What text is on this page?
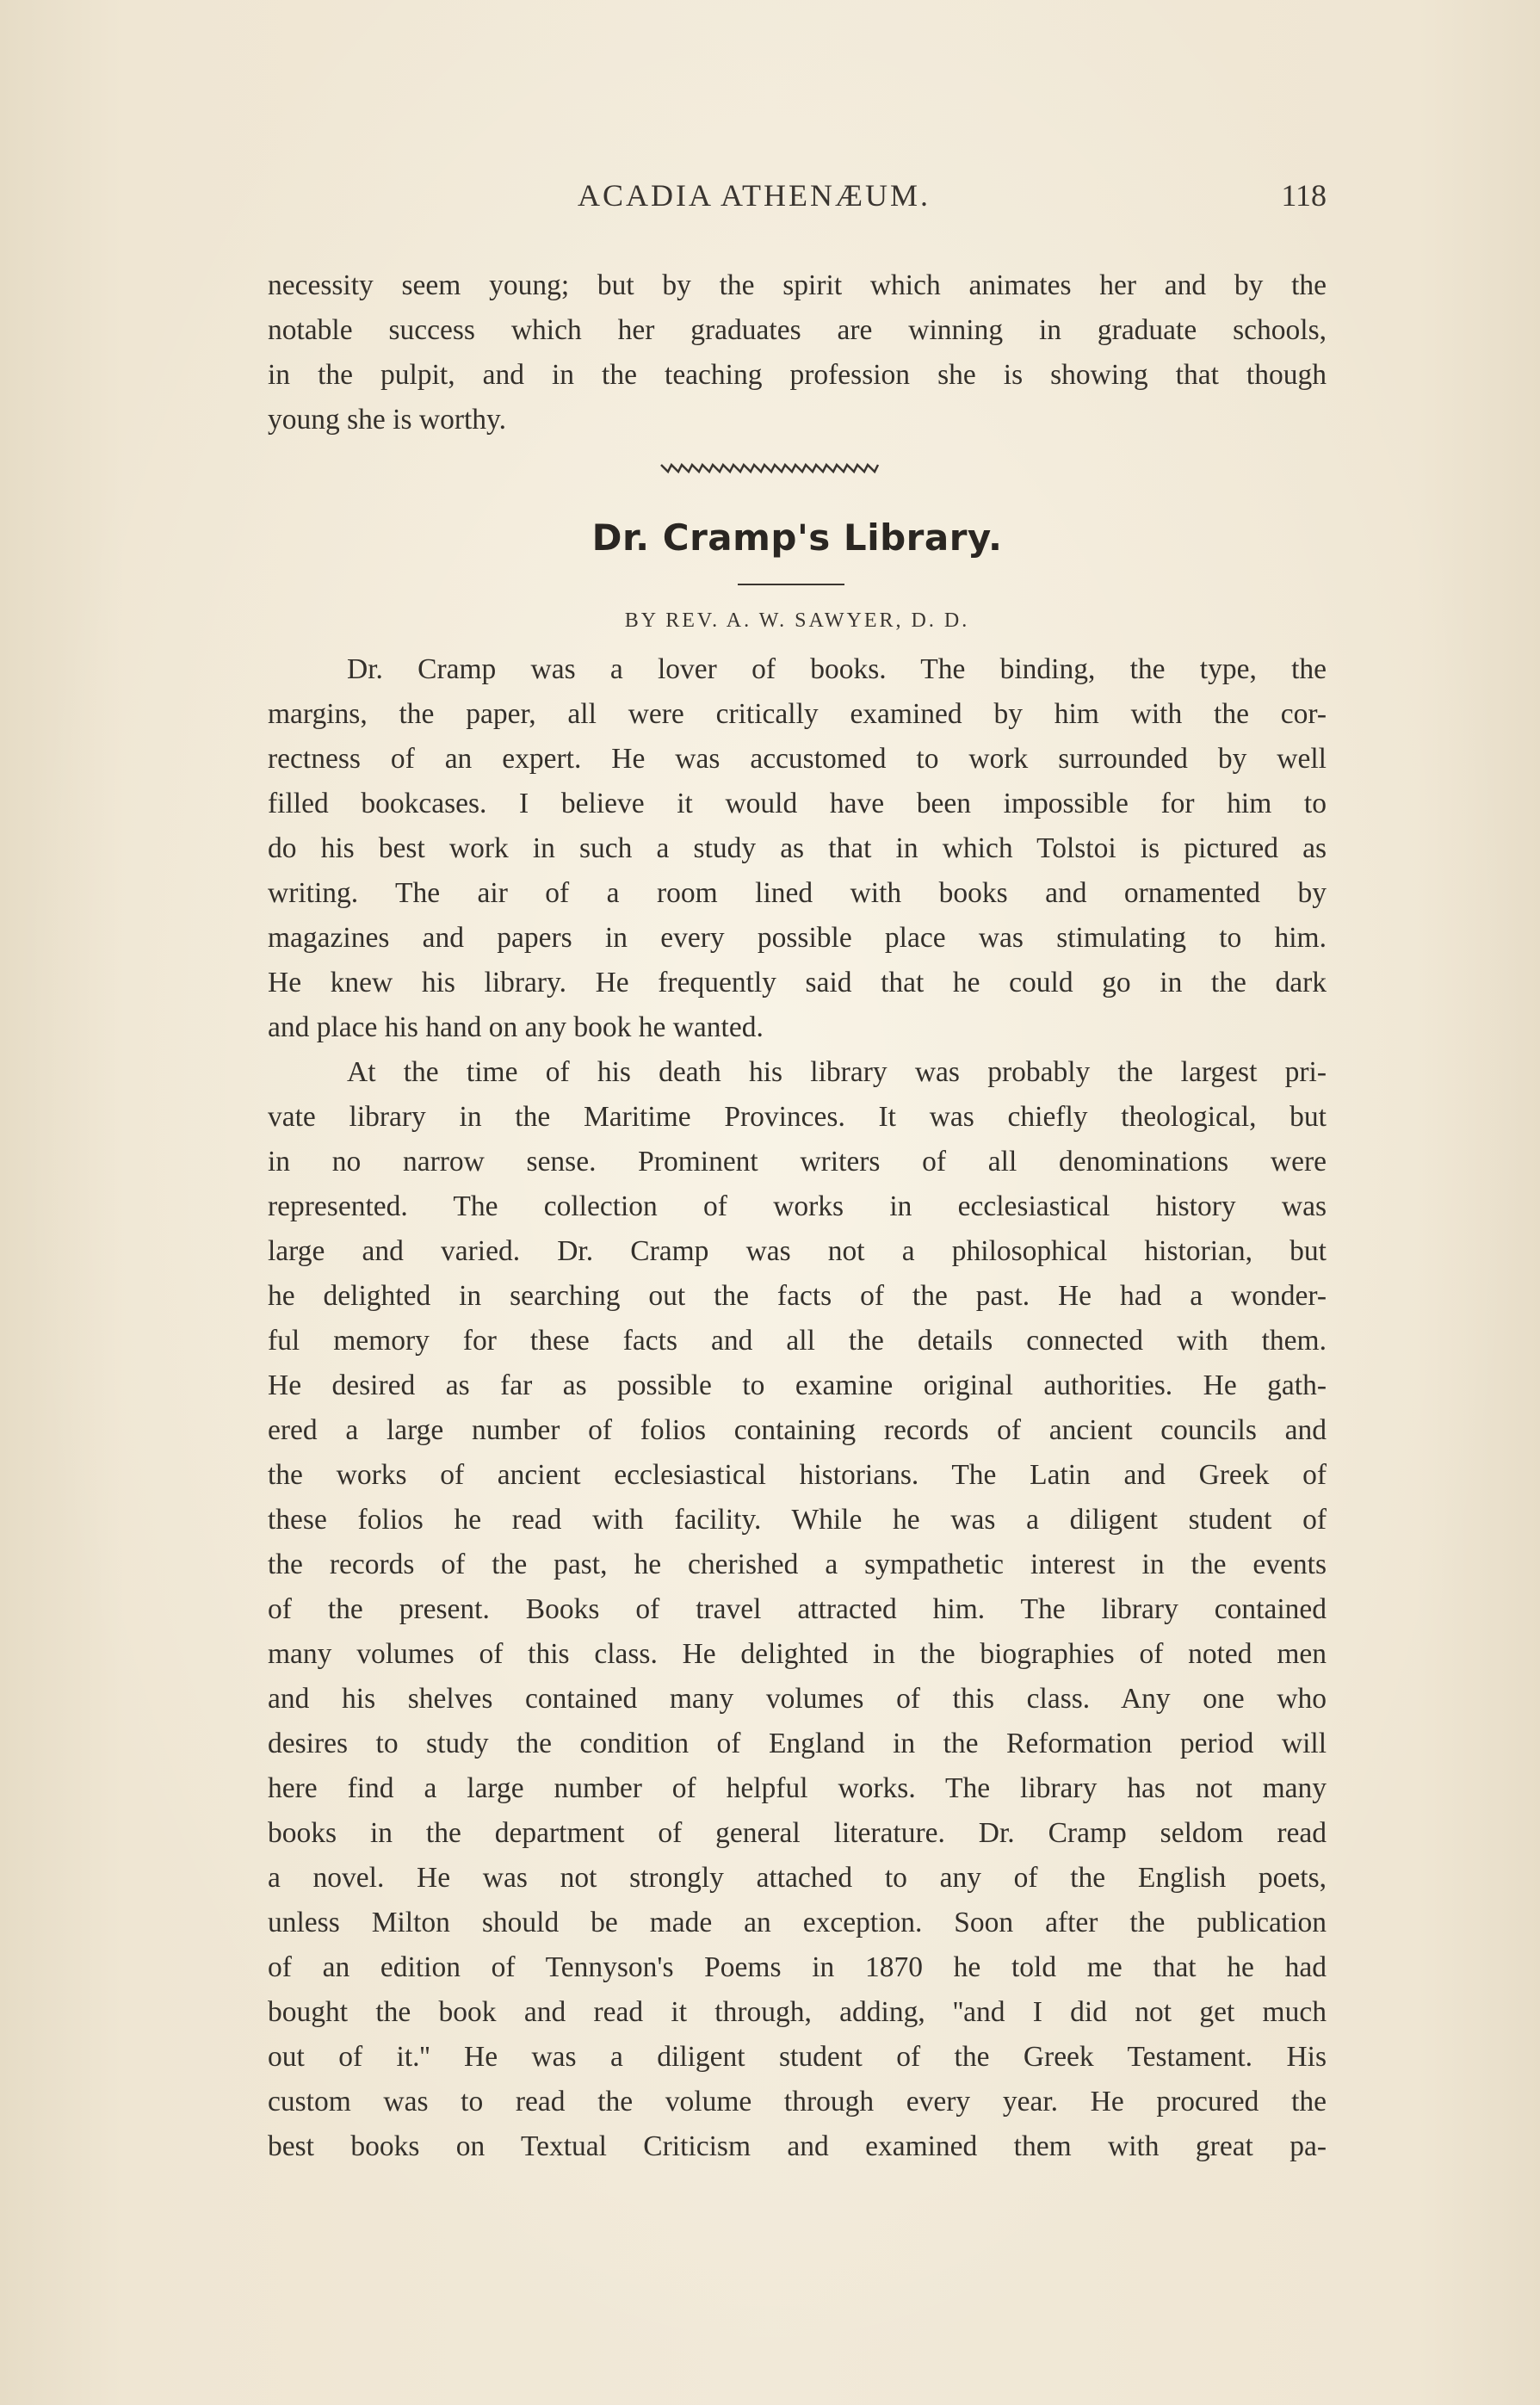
ACADIA ATHENÆUM.	118
necessity seem young; but by the spirit which animates her and by the
notable success which her graduates are winning in graduate schools,
in the pulpit, and in the teaching profession she is showing that though
young she is worthy.
Dr. Cramp's Library.
BY REV. A. W. SAWYER, D. D.
Dr. Cramp was a lover of books. The binding, the type, the
margins, the paper, all were critically examined by him with the cor-
rectness of an expert. He was accustomed to work surrounded by well
filled bookcases. I believe it would have been impossible for him to
do his best work in such a study as that in which Tolstoi is pictured as
writing. The air of a room lined with books and ornamented by
magazines and papers in every possible place was stimulating to him.
He knew his library. He frequently said that he could go in the dark
and place his hand on any book he wanted.
At the time of his death his library was probably the largest pri-
vate library in the Maritime Provinces. It was chiefly theological, but
in no narrow sense. Prominent writers of all denominations were
represented. The collection of works in ecclesiastical history was
large and varied. Dr. Cramp was not a philosophical historian, but
he delighted in searching out the facts of the past. He had a wonder-
ful memory for these facts and all the details connected with them.
He desired as far as possible to examine original authorities. He gath-
ered a large number of folios containing records of ancient councils and
the works of ancient ecclesiastical historians. The Latin and Greek of
these folios he read with facility. While he was a diligent student of
the records of the past, he cherished a sympathetic interest in the events
of the present. Books of travel attracted him. The library contained
many volumes of this class. He delighted in the biographies of noted men
and his shelves contained many volumes of this class. Any one who
desires to study the condition of England in the Reformation period will
here find a large number of helpful works. The library has not many
books in the department of general literature. Dr. Cramp seldom read
a novel. He was not strongly attached to any of the English poets,
unless Milton should be made an exception. Soon after the publication
of an edition of Tennyson's Poems in 1870 he told me that he had
bought the book and read it through, adding, ''and I did not get much
out of it.'' He was a diligent student of the Greek Testament. His
custom was to read the volume through every year. He procured the
best books on Textual Criticism and examined them with great pa-
